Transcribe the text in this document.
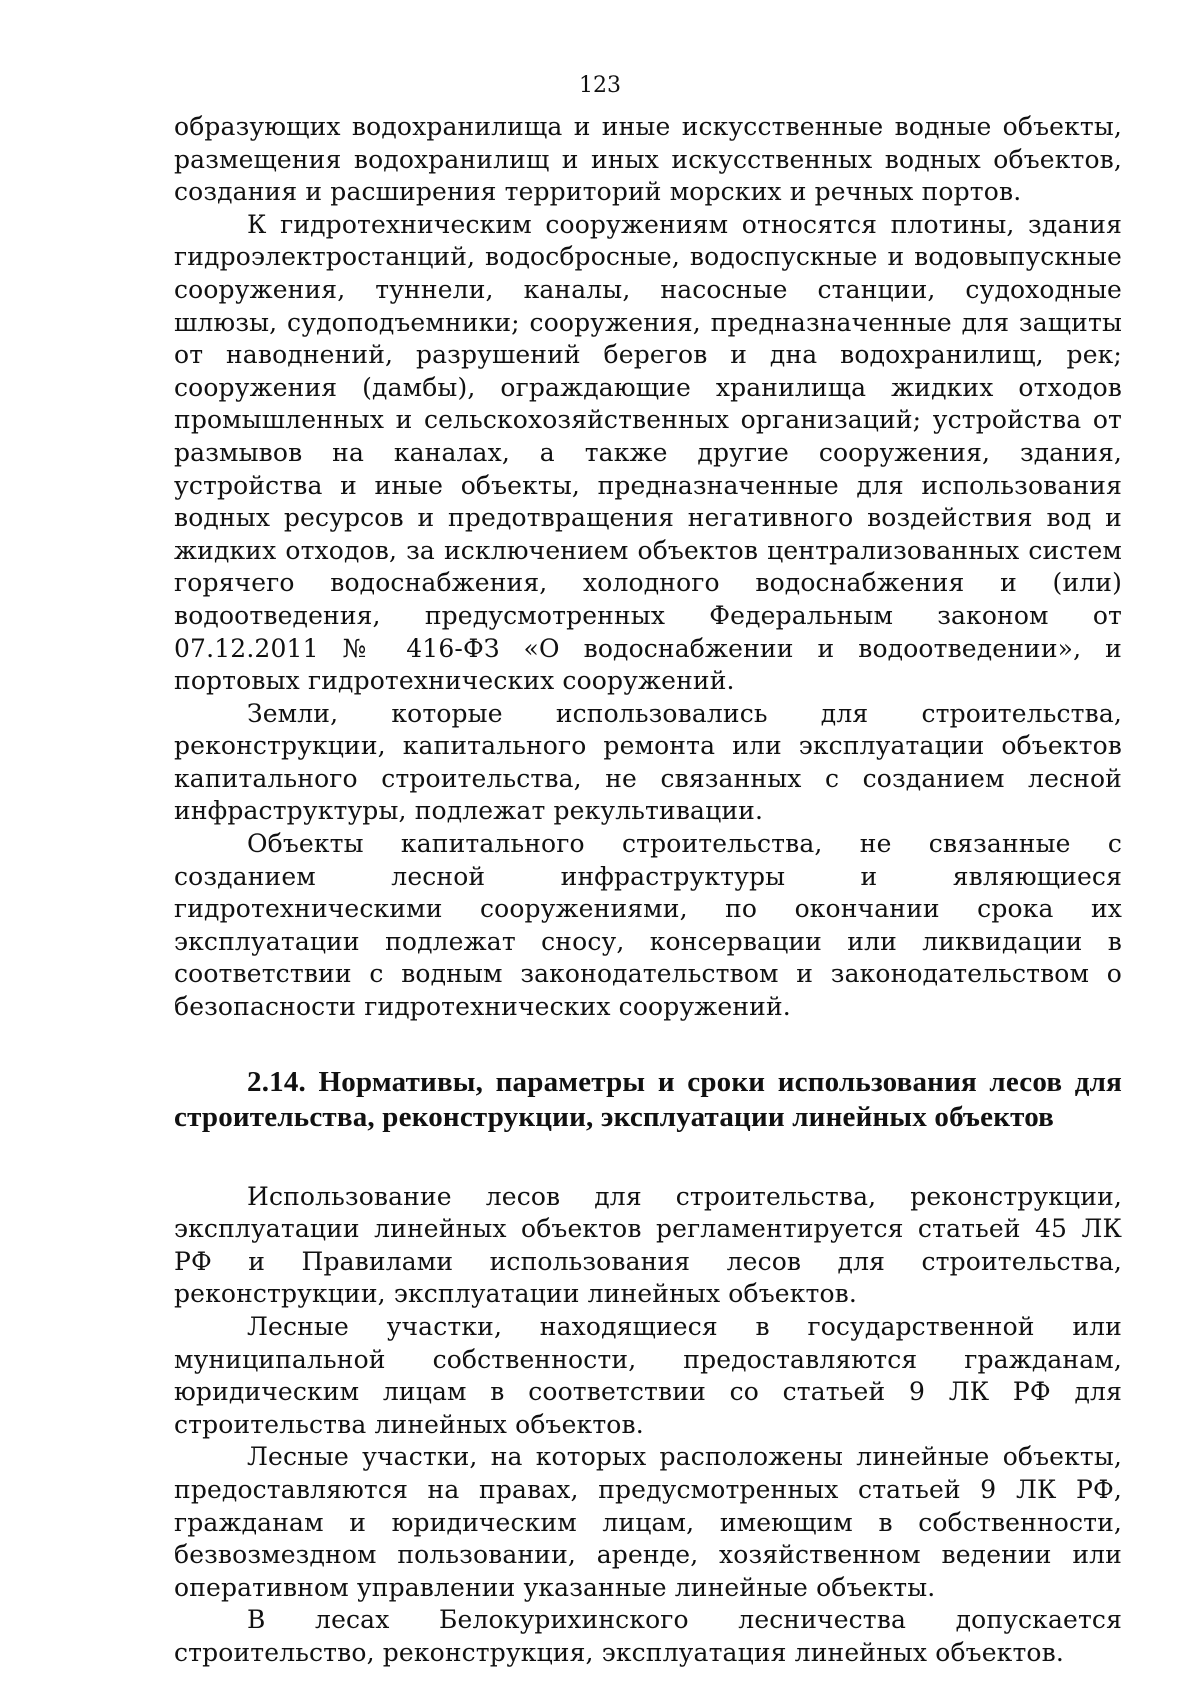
123

образующих водохранилища и иные искусственные водные объекты, размещения водохранилищ и иных искусственных водных объектов, создания и расширения территорий морских и речных портов.

К гидротехническим сооружениям относятся плотины, здания гидроэлектростанций, водосбросные, водоспускные и водовыпускные сооружения, туннели, каналы, насосные станции, судоходные шлюзы, судоподъемники; сооружения, предназначенные для защиты от наводнений, разрушений берегов и дна водохранилищ, рек; сооружения (дамбы), ограждающие хранилища жидких отходов промышленных и сельскохозяйственных организаций; устройства от размывов на каналах, а также другие сооружения, здания, устройства и иные объекты, предназначенные для использования водных ресурсов и предотвращения негативного воздействия вод и жидких отходов, за исключением объектов централизованных систем горячего водоснабжения, холодного водоснабжения и (или) водоотведения, предусмотренных Федеральным законом от 07.12.2011 № 416-ФЗ «О водоснабжении и водоотведении», и портовых гидротехнических сооружений.

Земли, которые использовались для строительства, реконструкции, капитального ремонта или эксплуатации объектов капитального строительства, не связанных с созданием лесной инфраструктуры, подлежат рекультивации.

Объекты капитального строительства, не связанные с созданием лесной инфраструктуры и являющиеся гидротехническими сооружениями, по окончании срока их эксплуатации подлежат сносу, консервации или ликвидации в соответствии с водным законодательством и законодательством о безопасности гидротехнических сооружений.

2.14. Нормативы, параметры и сроки использования лесов для строительства, реконструкции, эксплуатации линейных объектов

Использование лесов для строительства, реконструкции, эксплуатации линейных объектов регламентируется статьей 45 ЛК РФ и Правилами использования лесов для строительства, реконструкции, эксплуатации линейных объектов.

Лесные участки, находящиеся в государственной или муниципальной собственности, предоставляются гражданам, юридическим лицам в соответствии со статьей 9 ЛК РФ для строительства линейных объектов.

Лесные участки, на которых расположены линейные объекты, предоставляются на правах, предусмотренных статьей 9 ЛК РФ, гражданам и юридическим лицам, имеющим в собственности, безвозмездном пользовании, аренде, хозяйственном ведении или оперативном управлении указанные линейные объекты.

В лесах Белокурихинского лесничества допускается строительство, реконструкция, эксплуатация линейных объектов.
